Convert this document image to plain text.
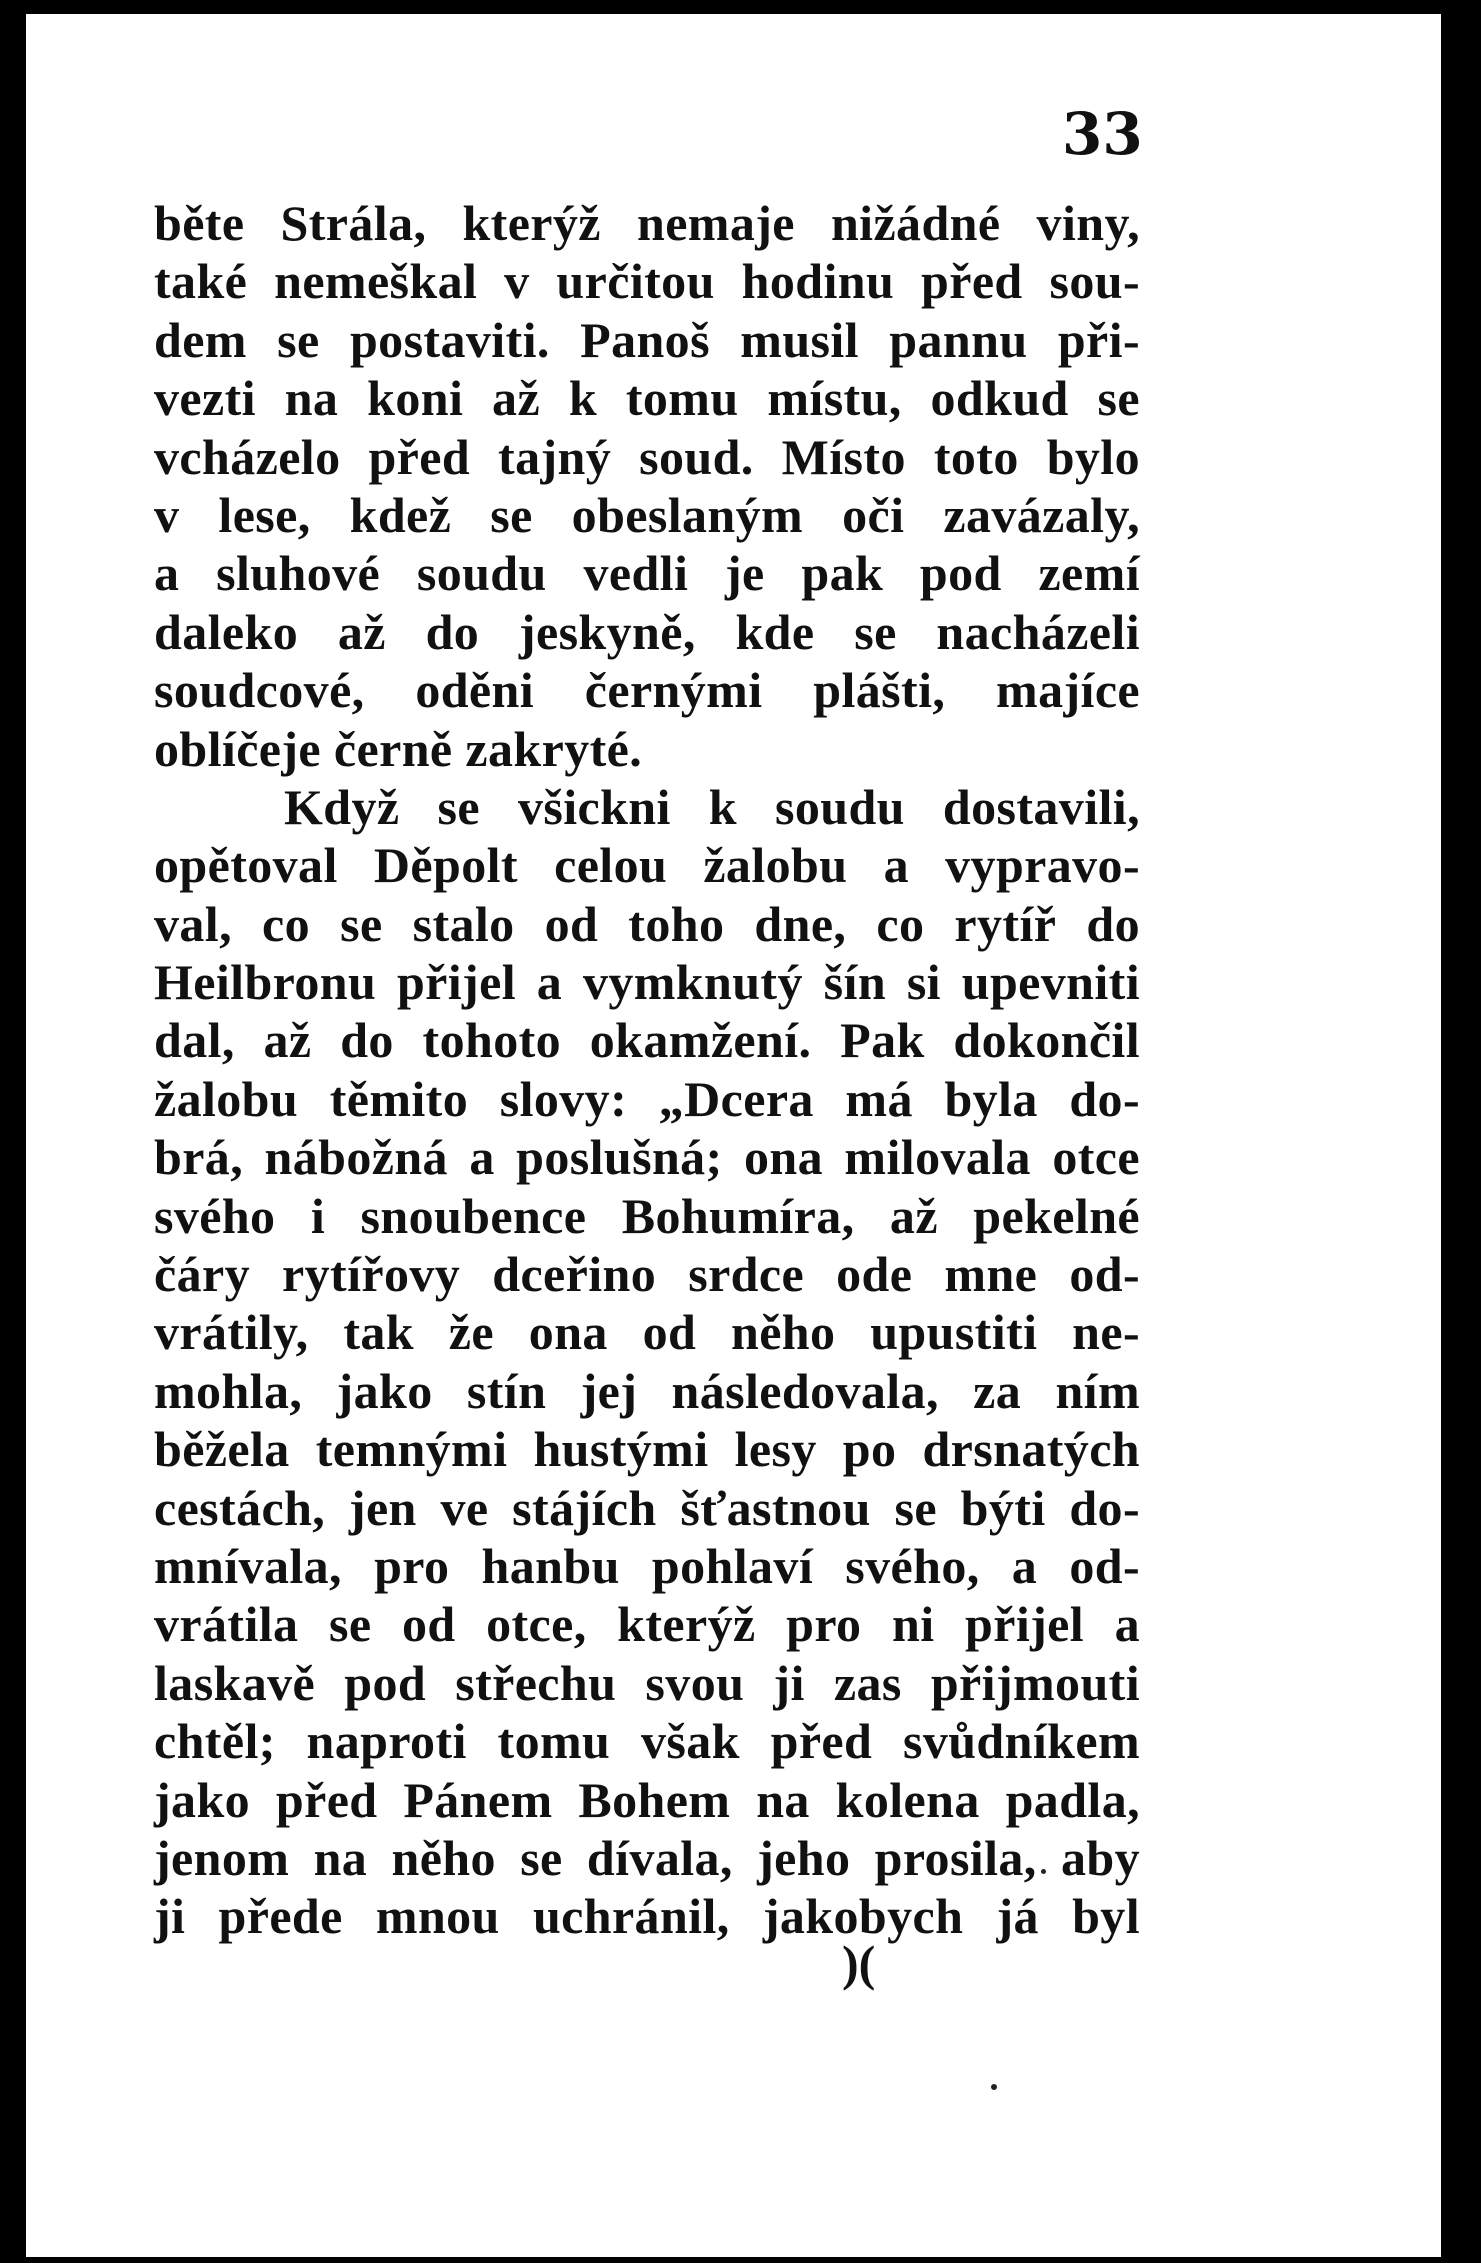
33
běte Strála, kterýž nemaje nižádné viny,
také nemeškal v určitou hodinu před sou-
dem se postaviti. Panoš musil pannu při-
vezti na koni až k tomu místu, odkud se
vcházelo před tajný soud. Místo toto bylo
v lese, kdež se obeslaným oči zavázaly,
a sluhové soudu vedli je pak pod zemí
daleko až do jeskyně, kde se nacházeli
soudcové, oděni černými plášti, majíce
oblíčeje černě zakryté.
Když se všickni k soudu dostavili,
opětoval Děpolt celou žalobu a vypravo-
val, co se stalo od toho dne, co rytíř do
Heilbronu přijel a vymknutý šín si upevniti
dal, až do tohoto okamžení. Pak dokončil
žalobu těmito slovy: „Dcera má byla do-
brá, nábožná a poslušná; ona milovala otce
svého i snoubence Bohumíra, až pekelné
čáry rytířovy dceřino srdce ode mne od-
vrátily, tak že ona od něho upustiti ne-
mohla, jako stín jej následovala, za ním
běžela temnými hustými lesy po drsnatých
cestách, jen ve stájích šťastnou se býti do-
mnívala, pro hanbu pohlaví svého, a od-
vrátila se od otce, kterýž pro ni přijel a
laskavě pod střechu svou ji zas přijmouti
chtěl; naproti tomu však před svůdníkem
jako před Pánem Bohem na kolena padla,
jenom na něho se dívala, jeho prosila, aby
ji přede mnou uchránil, jakobych já byl
)(
